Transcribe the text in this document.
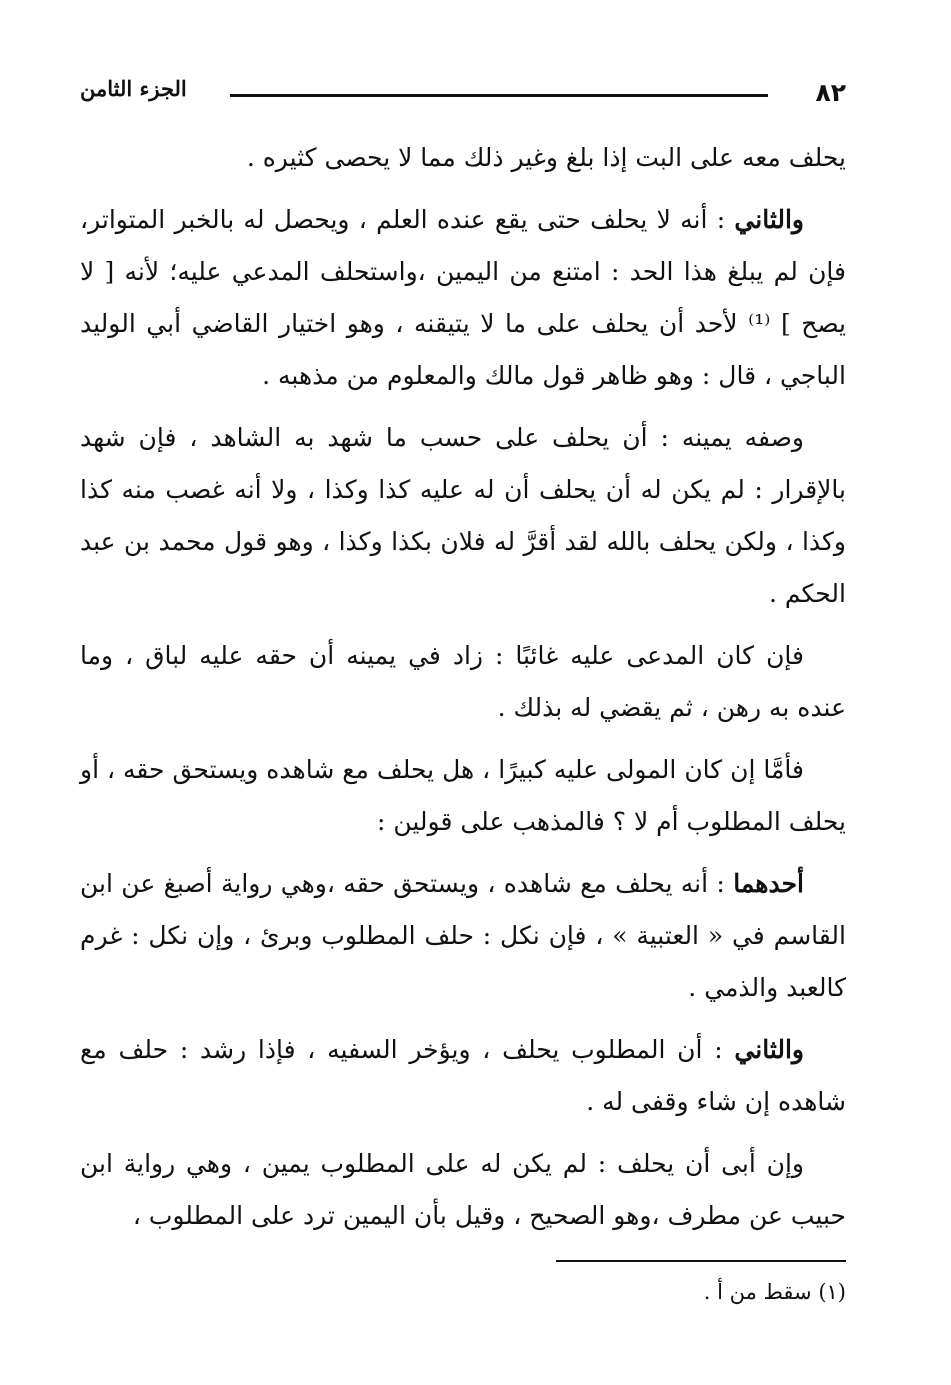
٨٢
الجزء الثامن

يحلف معه على البت إذا بلغ وغير ذلك مما لا يحصى كثيره .

والثاني : أنه لا يحلف حتى يقع عنده العلم ، ويحصل له بالخبر المتواتر، فإن لم يبلغ هذا الحد : امتنع من اليمين ،واستحلف المدعي عليه؛ لأنه [ لا يصح ] ⁽¹⁾ لأحد أن يحلف على ما لا يتيقنه ، وهو اختيار القاضي أبي الوليد الباجي ، قال : وهو ظاهر قول مالك والمعلوم من مذهبه .

وصفه يمينه : أن يحلف على حسب ما شهد به الشاهد ، فإن شهد بالإقرار : لم يكن له أن يحلف أن له عليه كذا وكذا ، ولا أنه غصب منه كذا وكذا ، ولكن يحلف بالله لقد أقرَّ له فلان بكذا وكذا ، وهو قول محمد بن عبد الحكم .

فإن كان المدعى عليه غائبًا : زاد في يمينه أن حقه عليه لباق ، وما عنده به رهن ، ثم يقضي له بذلك .

فأمَّا إن كان المولى عليه كبيرًا ، هل يحلف مع شاهده ويستحق حقه ، أو يحلف المطلوب أم لا ؟ فالمذهب على قولين :

أحدهما : أنه يحلف مع شاهده ، ويستحق حقه ،وهي رواية أصبغ عن ابن القاسم في « العتبية » ، فإن نكل : حلف المطلوب وبرئ ، وإن نكل : غرم كالعبد والذمي .

والثاني : أن المطلوب يحلف ، ويؤخر السفيه ، فإذا رشد : حلف مع شاهده إن شاء وقفى له .

وإن أبى أن يحلف : لم يكن له على المطلوب يمين ، وهي رواية ابن حبيب عن مطرف ،وهو الصحيح ، وقيل بأن اليمين ترد على المطلوب ،

(١) سقط من أ .
